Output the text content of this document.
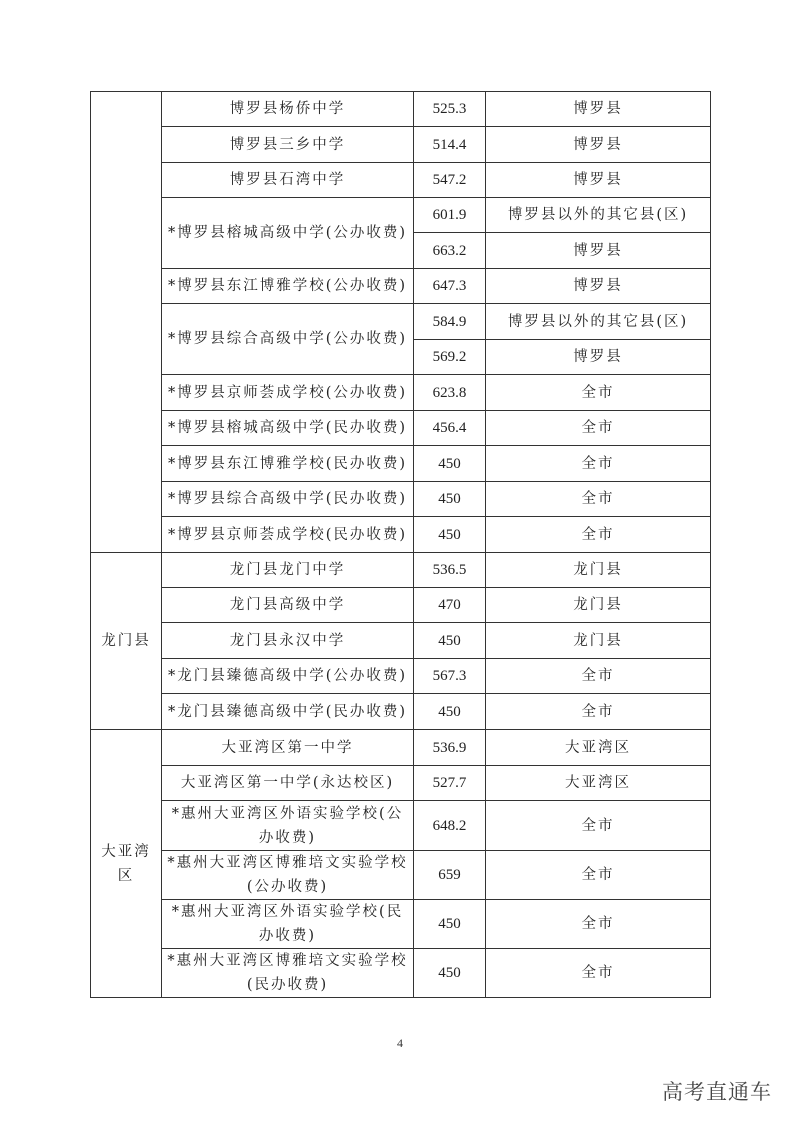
	博罗县杨侨中学	525.3	博罗县
	博罗县三乡中学	514.4	博罗县
	博罗县石湾中学	547.2	博罗县
	*博罗县榕城高级中学(公办收费)	601.9	博罗县以外的其它县(区)
		663.2	博罗县
	*博罗县东江博雅学校(公办收费)	647.3	博罗县
	*博罗县综合高级中学(公办收费)	584.9	博罗县以外的其它县(区)
		569.2	博罗县
	*博罗县京师荟成学校(公办收费)	623.8	全市
	*博罗县榕城高级中学(民办收费)	456.4	全市
	*博罗县东江博雅学校(民办收费)	450	全市
	*博罗县综合高级中学(民办收费)	450	全市
	*博罗县京师荟成学校(民办收费)	450	全市
龙门县	龙门县龙门中学	536.5	龙门县
	龙门县高级中学	470	龙门县
	龙门县永汉中学	450	龙门县
	*龙门县臻德高级中学(公办收费)	567.3	全市
	*龙门县臻德高级中学(民办收费)	450	全市
大亚湾区	大亚湾区第一中学	536.9	大亚湾区
	大亚湾区第一中学(永达校区)	527.7	大亚湾区
	*惠州大亚湾区外语实验学校(公办收费)	648.2	全市
	*惠州大亚湾区博雅培文实验学校(公办收费)	659	全市
	*惠州大亚湾区外语实验学校(民办收费)	450	全市
	*惠州大亚湾区博雅培文实验学校(民办收费)	450	全市
4
高考直通车
